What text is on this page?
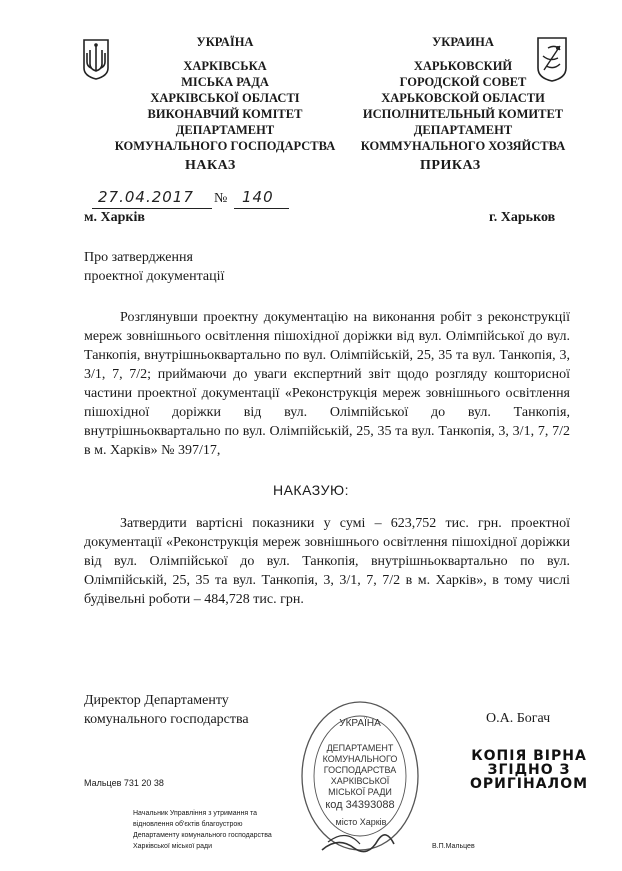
УКРАЇНА
ХАРКІВСЬКА
МІСЬКА РАДА
ХАРКІВСЬКОЇ ОБЛАСТІ
ВИКОНАВЧИЙ КОМІТЕТ
ДЕПАРТАМЕНТ
КОМУНАЛЬНОГО ГОСПОДАРСТВА
УКРАИНА
ХАРЬКОВСКИЙ
ГОРОДСКОЙ СОВЕТ
ХАРЬКОВСКОЙ ОБЛАСТИ
ИСПОЛНИТЕЛЬНЫЙ КОМИТЕТ
ДЕПАРТАМЕНТ
КОММУНАЛЬНОГО ХОЗЯЙСТВА
НАКАЗ	ПРИКАЗ
27.04.2017 № 140
м. Харків	г. Харьков
Про затвердження
проектної документації
Розглянувши проектну документацію на виконання робіт з реконструкції мереж зовнішнього освітлення пішохідної доріжки від вул. Олімпійської до вул. Танкопія, внутрішньоквартально по вул. Олімпійській, 25, 35 та вул. Танкопія, 3, 3/1, 7, 7/2; приймаючи до уваги експертний звіт щодо розгляду кошторисної частини проектної документації «Реконструкція мереж зовнішнього освітлення пішохідної доріжки від вул. Олімпійської до вул. Танкопія, внутрішньоквартально по вул. Олімпійській, 25, 35 та вул. Танкопія, 3, 3/1, 7, 7/2 в м. Харків» № 397/17,
НАКАЗУЮ:
Затвердити вартісні показники у сумі – 623,752 тис. грн. проектної документації «Реконструкція мереж зовнішнього освітлення пішохідної доріжки від вул. Олімпійської до вул. Танкопія, внутрішньоквартально по вул. Олімпійській, 25, 35 та вул. Танкопія, 3, 3/1, 7, 7/2 в м. Харків», в тому числі будівельні роботи – 484,728 тис. грн.
Директор Департаменту
комунального господарства	О.А. Богач
УКРАЇНА
ДЕПАРТАМЕНТ
КОМУНАЛЬНОГО
ГОСПОДАРСТВА
ХАРКІВСЬКОЇ
МІСЬКОЇ РАДИ
код 34393088
місто Харків
КОПІЯ ВІРНА
ЗГІДНО З
ОРИГІНАЛОМ
Мальцев 731 20 38
Начальник Управління з утримання та
відновлення об'єктів благоустрою
Департаменту комунального господарства
Харківської міської ради	В.П.Мальцев
